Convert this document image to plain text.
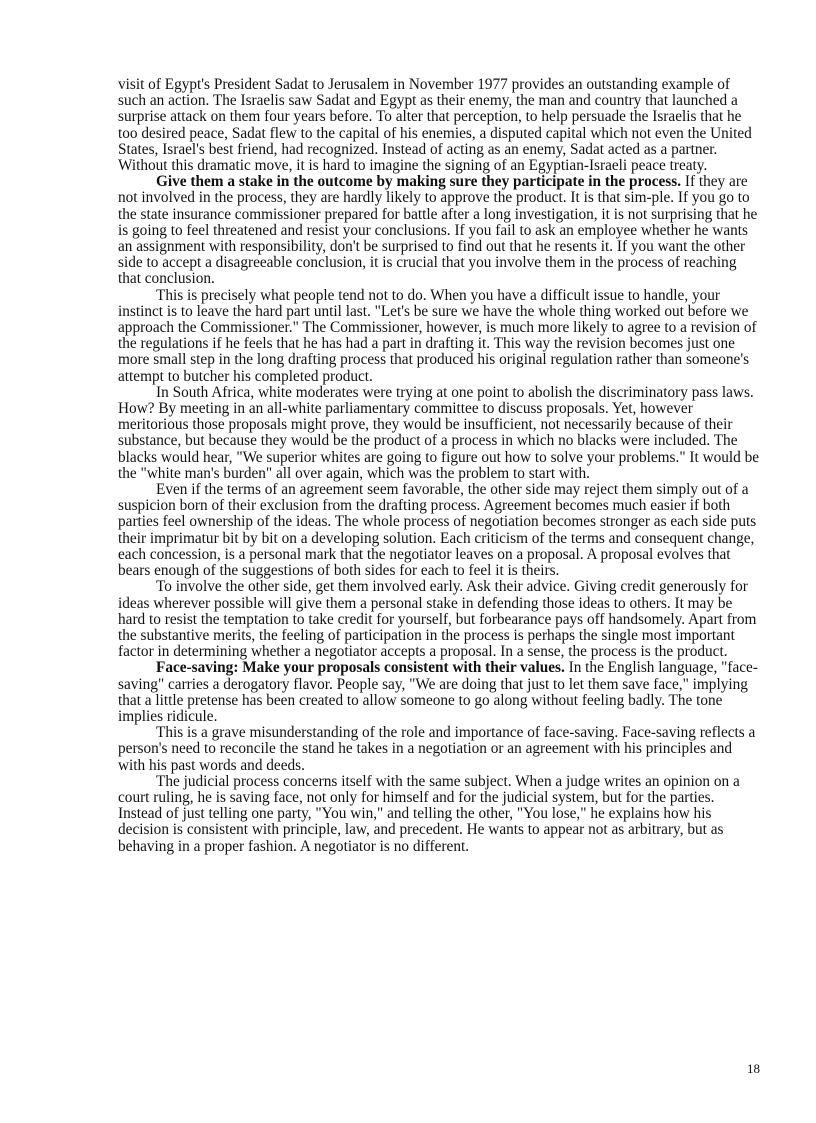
visit of Egypt's President Sadat to Jerusalem in November 1977 provides an outstanding example of such an action. The Israelis saw Sadat and Egypt as their enemy, the man and country that launched a surprise attack on them four years before. To alter that perception, to help persuade the Israelis that he too desired peace, Sadat flew to the capital of his enemies, a disputed capital which not even the United States, Israel's best friend, had recognized. Instead of acting as an enemy, Sadat acted as a partner. Without this dramatic move, it is hard to imagine the signing of an Egyptian-Israeli peace treaty.

Give them a stake in the outcome by making sure they participate in the process. If they are not involved in the process, they are hardly likely to approve the product. It is that sim-ple. If you go to the state insurance commissioner prepared for battle after a long investigation, it is not surprising that he is going to feel threatened and resist your conclusions. If you fail to ask an employee whether he wants an assignment with responsibility, don't be surprised to find out that he resents it. If you want the other side to accept a disagreeable conclusion, it is crucial that you involve them in the process of reaching that conclusion.

This is precisely what people tend not to do. When you have a difficult issue to handle, your instinct is to leave the hard part until last. "Let's be sure we have the whole thing worked out before we approach the Commissioner." The Commissioner, however, is much more likely to agree to a revision of the regulations if he feels that he has had a part in drafting it. This way the revision becomes just one more small step in the long drafting process that produced his original regulation rather than someone's attempt to butcher his completed product.

In South Africa, white moderates were trying at one point to abolish the discriminatory pass laws. How? By meeting in an all-white parliamentary committee to discuss proposals. Yet, however meritorious those proposals might prove, they would be insufficient, not necessarily because of their substance, but because they would be the product of a process in which no blacks were included. The blacks would hear, "We superior whites are going to figure out how to solve your problems." It would be the "white man's burden" all over again, which was the problem to start with.

Even if the terms of an agreement seem favorable, the other side may reject them simply out of a suspicion born of their exclusion from the drafting process. Agreement becomes much easier if both parties feel ownership of the ideas. The whole process of negotiation becomes stronger as each side puts their imprimatur bit by bit on a developing solution. Each criticism of the terms and consequent change, each concession, is a personal mark that the negotiator leaves on a proposal. A proposal evolves that bears enough of the suggestions of both sides for each to feel it is theirs.

To involve the other side, get them involved early. Ask their advice. Giving credit generously for ideas wherever possible will give them a personal stake in defending those ideas to others. It may be hard to resist the temptation to take credit for yourself, but forbearance pays off handsomely. Apart from the substantive merits, the feeling of participation in the process is perhaps the single most important factor in determining whether a negotiator accepts a proposal. In a sense, the process is the product.

Face-saving: Make your proposals consistent with their values. In the English language, "face-saving" carries a derogatory flavor. People say, "We are doing that just to let them save face," implying that a little pretense has been created to allow someone to go along without feeling badly. The tone implies ridicule.

This is a grave misunderstanding of the role and importance of face-saving. Face-saving reflects a person's need to reconcile the stand he takes in a negotiation or an agreement with his principles and with his past words and deeds.

The judicial process concerns itself with the same subject. When a judge writes an opinion on a court ruling, he is saving face, not only for himself and for the judicial system, but for the parties. Instead of just telling one party, "You win," and telling the other, "You lose," he explains how his decision is consistent with principle, law, and precedent. He wants to appear not as arbitrary, but as behaving in a proper fashion. A negotiator is no different.

18
